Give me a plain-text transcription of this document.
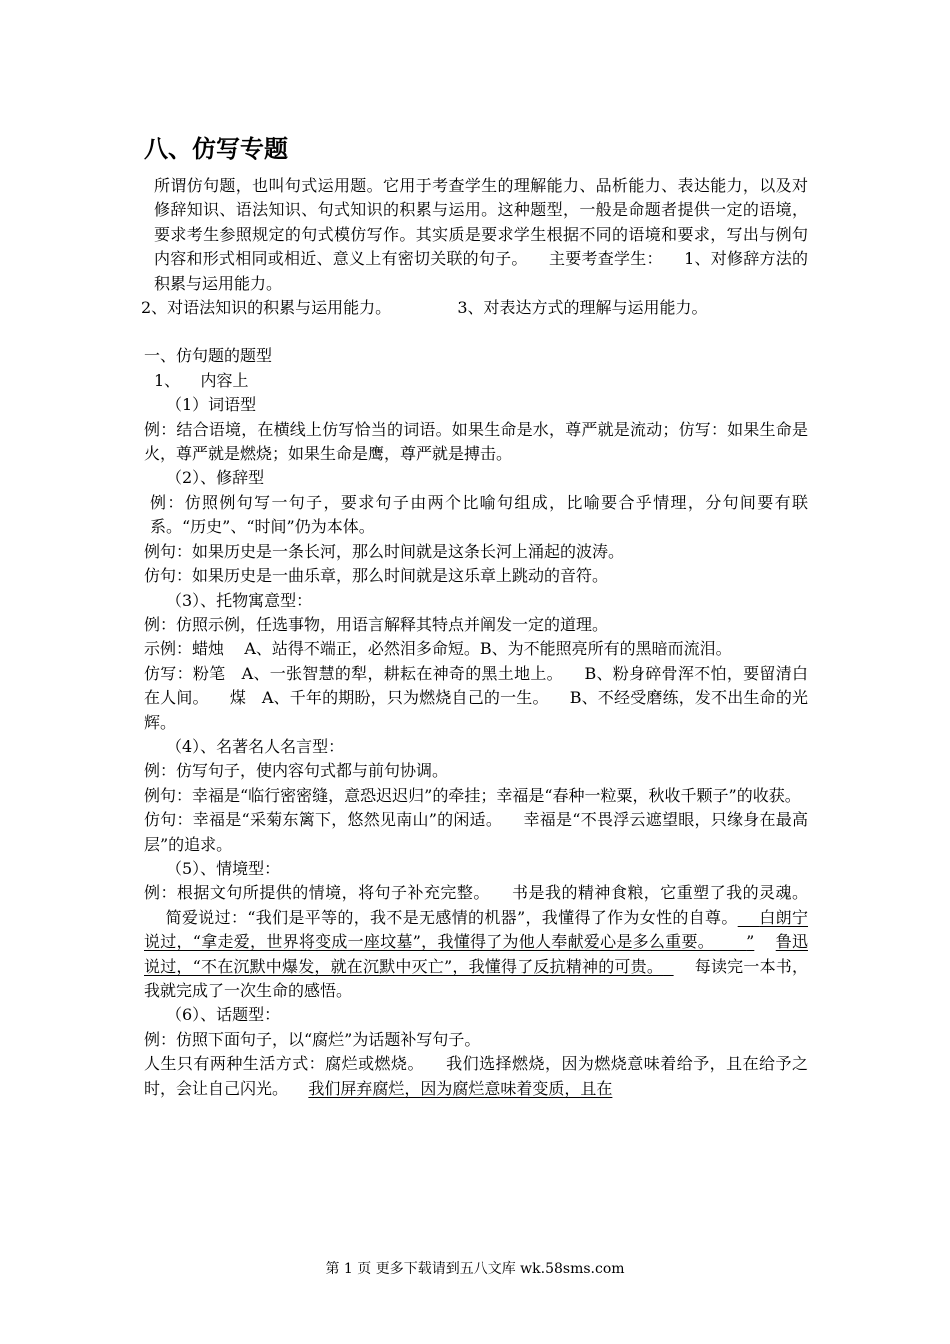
八、仿写专题

所谓仿句题，也叫句式运用题。它用于考查学生的理解能力、品析能力、表达能力，以及对修辞知识、语法知识、句式知识的积累与运用。这种题型，一般是命题者提供一定的语境，要求考生参照规定的句式模仿写作。其实质是要求学生根据不同的语境和要求，写出与例句内容和形式相同或相近、意义上有密切关联的句子。 主要考查学生： 1、对修辞方法的积累与运用能力。

2、对语法知识的积累与运用能力。	3、对表达方式的理解与运用能力。

一、仿句题的题型

1、 内容上

（1）词语型

例：结合语境，在横线上仿写恰当的词语。如果生命是水，尊严就是流动；仿写：如果生命是火，尊严就是燃烧；如果生命是鹰，尊严就是搏击。

（2）、修辞型

例：仿照例句写一句子，要求句子由两个比喻句组成，比喻要合乎情理，分句间要有联系。“历史”、“时间”仍为本体。

例句：如果历史是一条长河，那么时间就是这条长河上涌起的波涛。

仿句：如果历史是一曲乐章，那么时间就是这乐章上跳动的音符。

（3）、托物寓意型：

例：仿照示例，任选事物，用语言解释其特点并阐发一定的道理。

示例：蜡烛 A、站得不端正，必然泪多命短。B、为不能照亮所有的黑暗而流泪。

仿写：粉笔 A、一张智慧的犁，耕耘在神奇的黑土地上。 B、粉身碎骨浑不怕，要留清白在人间。 煤 A、千年的期盼，只为燃烧自己的一生。 B、不经受磨练，发不出生命的光辉。

（4）、名著名人名言型：

例：仿写句子，使内容句式都与前句协调。

例句：幸福是“临行密密缝，意恐迟迟归”的牵挂；幸福是“春种一粒粟，秋收千颗子”的收获。

仿句：幸福是“采菊东篱下，悠然见南山”的闲适。 幸福是“不畏浮云遮望眼，只缘身在最高层”的追求。

（5）、情境型：

例：根据文句所提供的情境，将句子补充完整。 书是我的精神食粮，它重塑了我的灵魂。    简爱说过：“我们是平等的，我不是无感情的机器”，我懂得了作为女性的自尊。 白朗宁说过，“拿走爱，世界将变成一座坟墓”，我懂得了为他人奉献爱心是多么重要。 ” 鲁迅说过，“不在沉默中爆发，就在沉默中灭亡”，我懂得了反抗精神的可贵。 每读完一本书，我就完成了一次生命的感悟。

（6）、话题型：

例：仿照下面句子，以“腐烂”为话题补写句子。

人生只有两种生活方式：腐烂或燃烧。 我们选择燃烧，因为燃烧意味着给予，且在给予之时，会让自己闪光。 我们屏弃腐烂，因为腐烂意味着变质，且在

第 1 页 更多下载请到五八文库 wk.58sms.com
